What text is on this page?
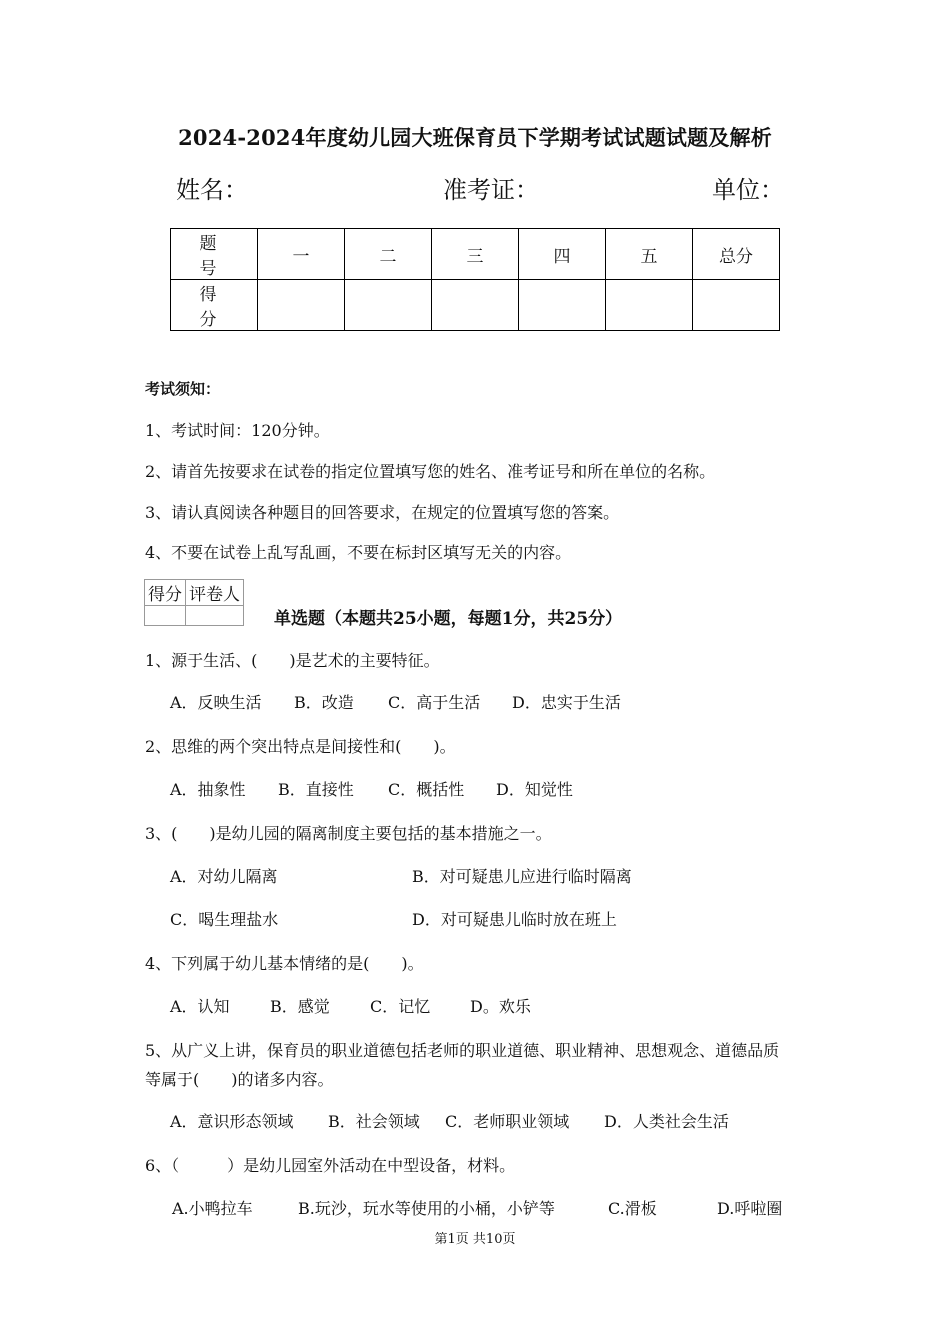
2024-2024年度幼儿园大班保育员下学期考试试题试题及解析
姓名：	准考证：	单位：
题　号	一	二	三	四	五	总分
得　分						
考试须知：
1、考试时间：120分钟。
2、请首先按要求在试卷的指定位置填写您的姓名、准考证号和所在单位的名称。
3、请认真阅读各种题目的回答要求，在规定的位置填写您的答案。
4、不要在试卷上乱写乱画，不要在标封区填写无关的内容。
得分	评卷人

单选题（本题共25小题，每题1分，共25分）
1、源于生活、(　　)是艺术的主要特征。
A．反映生活 B．改造 C．高于生活 D．忠实于生活
2、思维的两个突出特点是间接性和(　　)。
A．抽象性 B．直接性 C．概括性 D．知觉性
3、(　　)是幼儿园的隔离制度主要包括的基本措施之一。
A．对幼儿隔离	B．对可疑患儿应进行临时隔离
C．喝生理盐水	D．对可疑患儿临时放在班上
4、下列属于幼儿基本情绪的是(　　)。
A．认知	B．感觉	C．记忆 D。欢乐
5、从广义上讲，保育员的职业道德包括老师的职业道德、职业精神、思想观念、道德品质
等属于(　　)的诸多内容。
A．意识形态领域 B．社会领域 C．老师职业领域 D．人类社会生活
6、（　　　）是幼儿园室外活动在中型设备，材料。
A.小鸭拉车	B.玩沙，玩水等使用的小桶，小铲等	C.滑板	D.呼啦圈
第1页 共10页
